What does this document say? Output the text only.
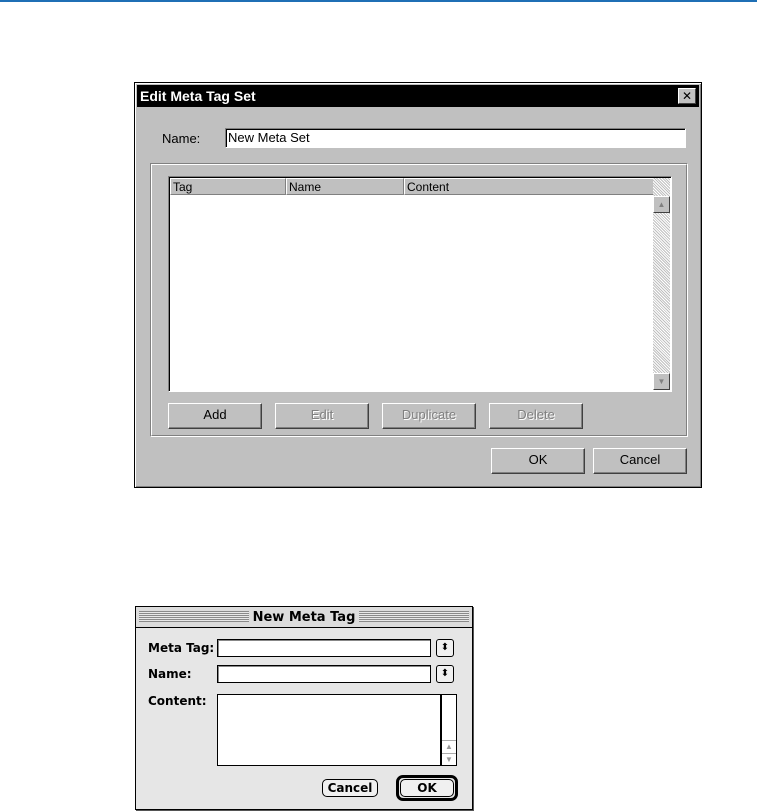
Edit Meta Tag Set	✕
Name: New Meta Set
Tag	Name	Content
▲
▼
Add	Edit	Duplicate	Delete
OK	Cancel
New Meta Tag
Meta Tag:	⬍
Name:	⬍
Content:
▲
▼
Cancel	OK
